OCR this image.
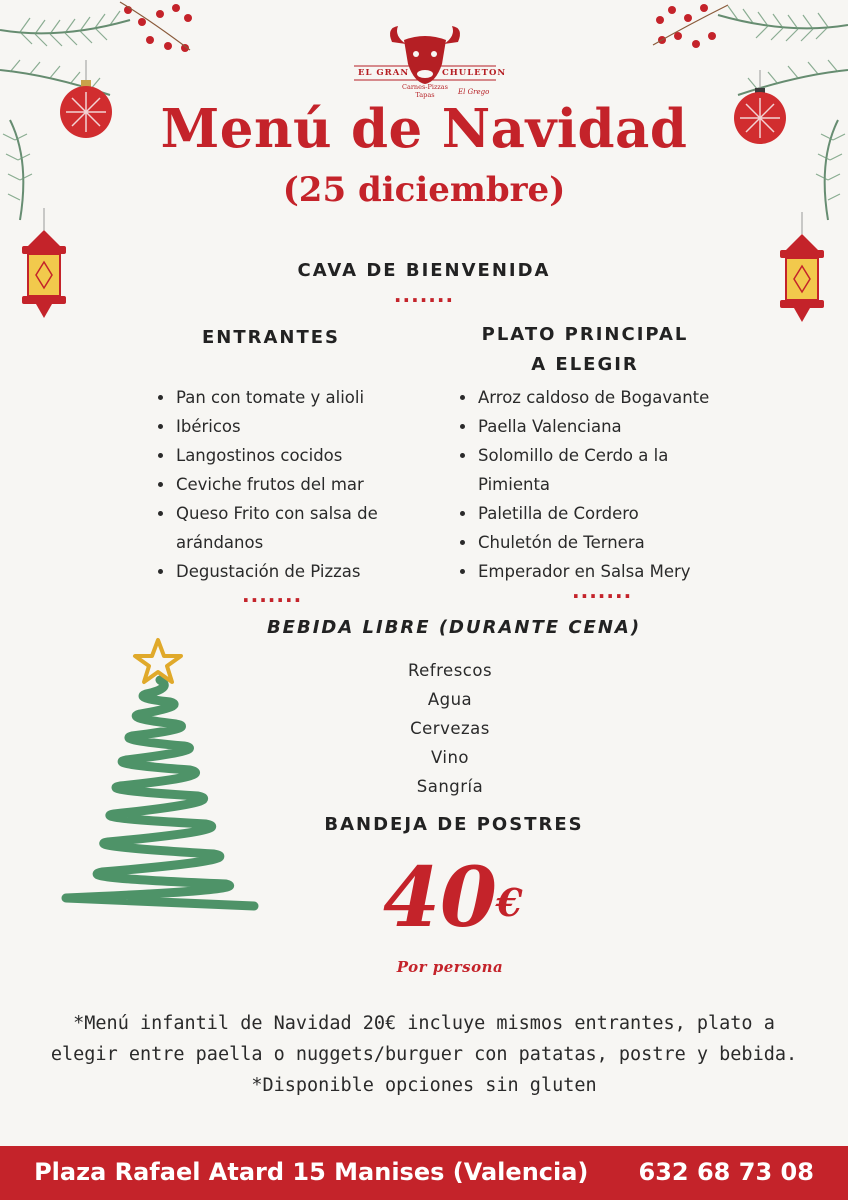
EL GRAN	CHULETON
Carnes-Pizzas
Tapas	El Grego
Menú de Navidad
(25 diciembre)
CAVA DE BIENVENIDA
.......
ENTRANTES
Pan con tomate y alioli
Ibéricos
Langostinos cocidos
Ceviche frutos del mar
Queso Frito con salsa de arándanos
Degustación de Pizzas
PLATO PRINCIPAL
A ELEGIR
Arroz caldoso de Bogavante
Paella Valenciana
Solomillo de Cerdo a la Pimienta
Paletilla de Cordero
Chuletón de Ternera
Emperador en Salsa Mery
.......	.......
BEBIDA LIBRE (DURANTE CENA)
Refrescos
Agua
Cervezas
Vino
Sangría
BANDEJA DE POSTRES
40
€
Por persona
*Menú infantil de Navidad 20€ incluye mismos entrantes, plato a elegir entre paella o nuggets/burguer con patatas, postre y bebida.
*Disponible opciones sin gluten
Plaza Rafael Atard 15 Manises (Valencia) 632 68 73 08
